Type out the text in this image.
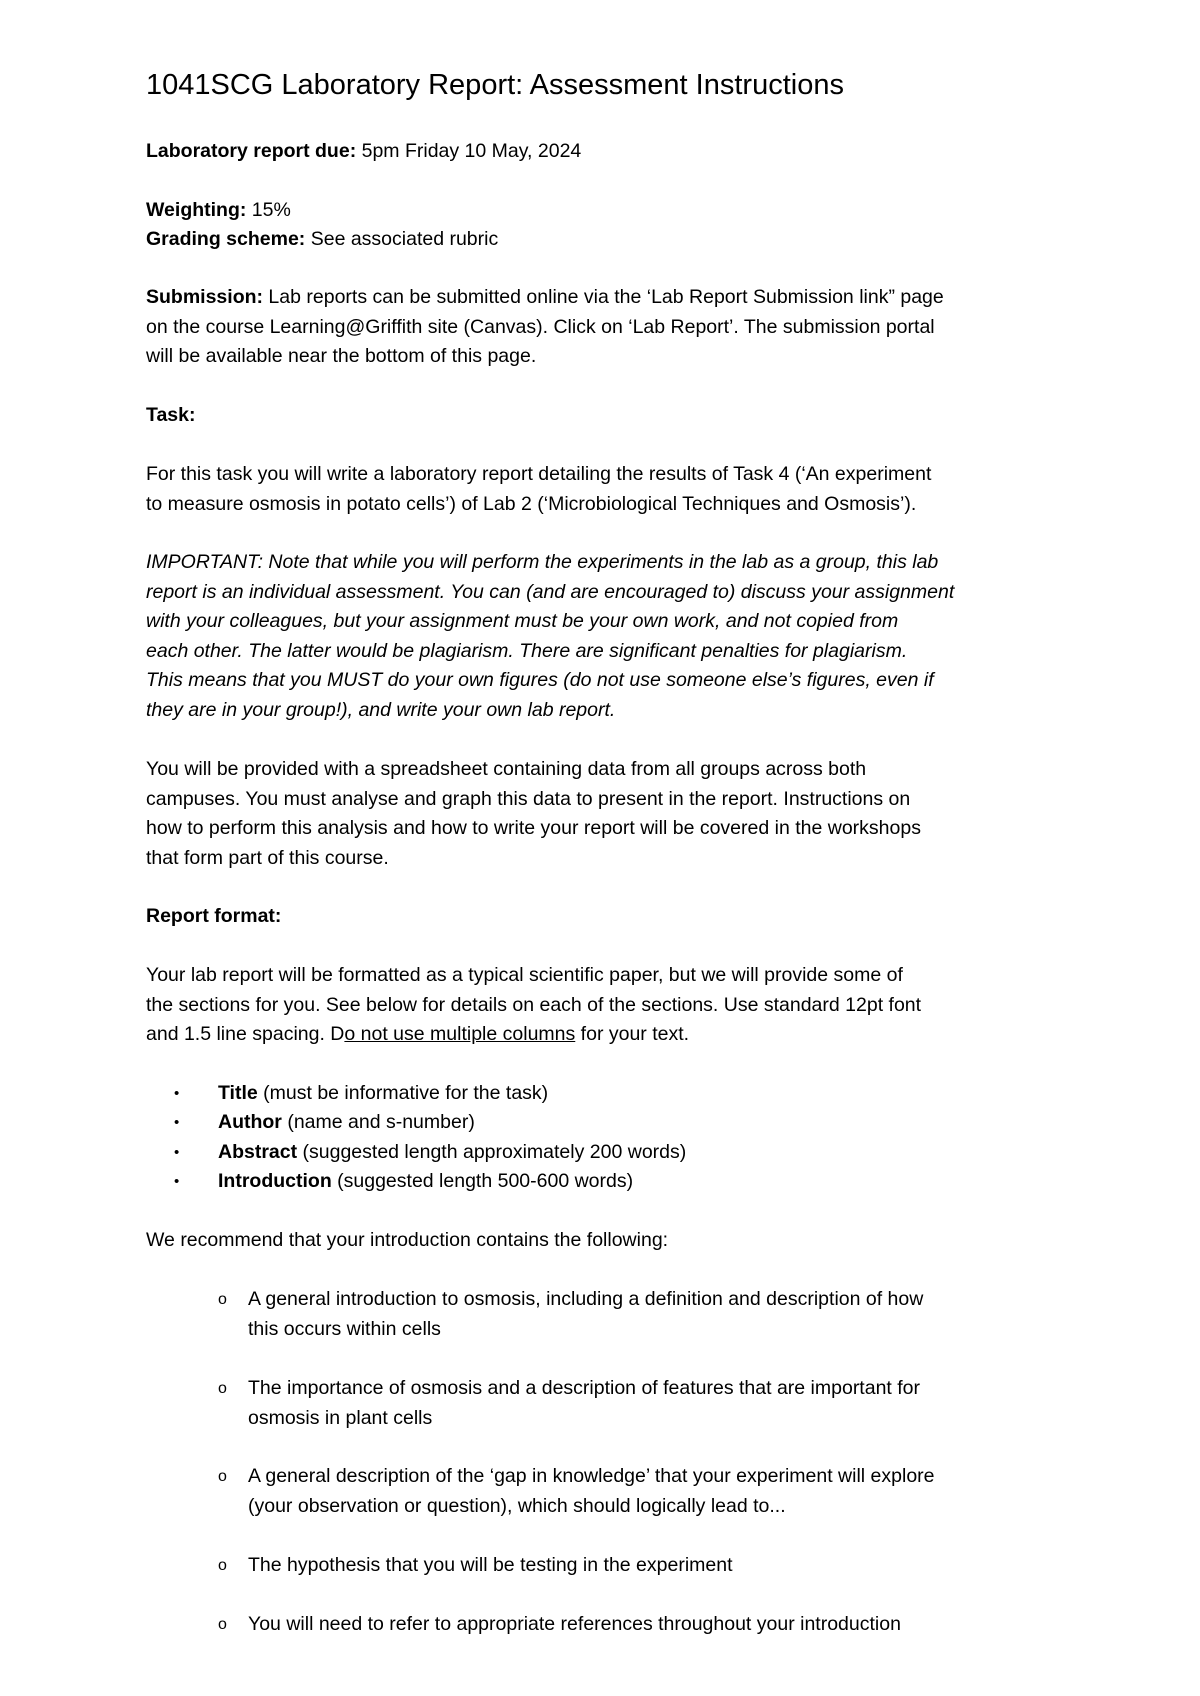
1041SCG Laboratory Report: Assessment Instructions

Laboratory report due: 5pm Friday 10 May, 2024

Weighting: 15%

Grading scheme: See associated rubric

Submission: Lab reports can be submitted online via the ‘Lab Report Submission link” page
on the course Learning@Griffith site (Canvas). Click on ‘Lab Report’. The submission portal
will be available near the bottom of this page.

Task:

For this task you will write a laboratory report detailing the results of Task 4 (‘An experiment
to measure osmosis in potato cells’) of Lab 2 (‘Microbiological Techniques and Osmosis’).

IMPORTANT: Note that while you will perform the experiments in the lab as a group, this lab
report is an individual assessment. You can (and are encouraged to) discuss your assignment
with your colleagues, but your assignment must be your own work, and not copied from
each other. The latter would be plagiarism. There are significant penalties for plagiarism.
This means that you MUST do your own figures (do not use someone else’s figures, even if
they are in your group!), and write your own lab report.

You will be provided with a spreadsheet containing data from all groups across both
campuses. You must analyse and graph this data to present in the report. Instructions on
how to perform this analysis and how to write your report will be covered in the workshops
that form part of this course.

Report format:

Your lab report will be formatted as a typical scientific paper, but we will provide some of
the sections for you. See below for details on each of the sections. Use standard 12pt font
and 1.5 line spacing. Do not use multiple columns for your text.

• Title (must be informative for the task)
• Author (name and s-number)
• Abstract (suggested length approximately 200 words)
• Introduction (suggested length 500-600 words)

We recommend that your introduction contains the following:

o A general introduction to osmosis, including a definition and description of how
this occurs within cells
o The importance of osmosis and a description of features that are important for
osmosis in plant cells
o A general description of the ‘gap in knowledge’ that your experiment will explore
(your observation or question), which should logically lead to...
o The hypothesis that you will be testing in the experiment
o You will need to refer to appropriate references throughout your introduction
